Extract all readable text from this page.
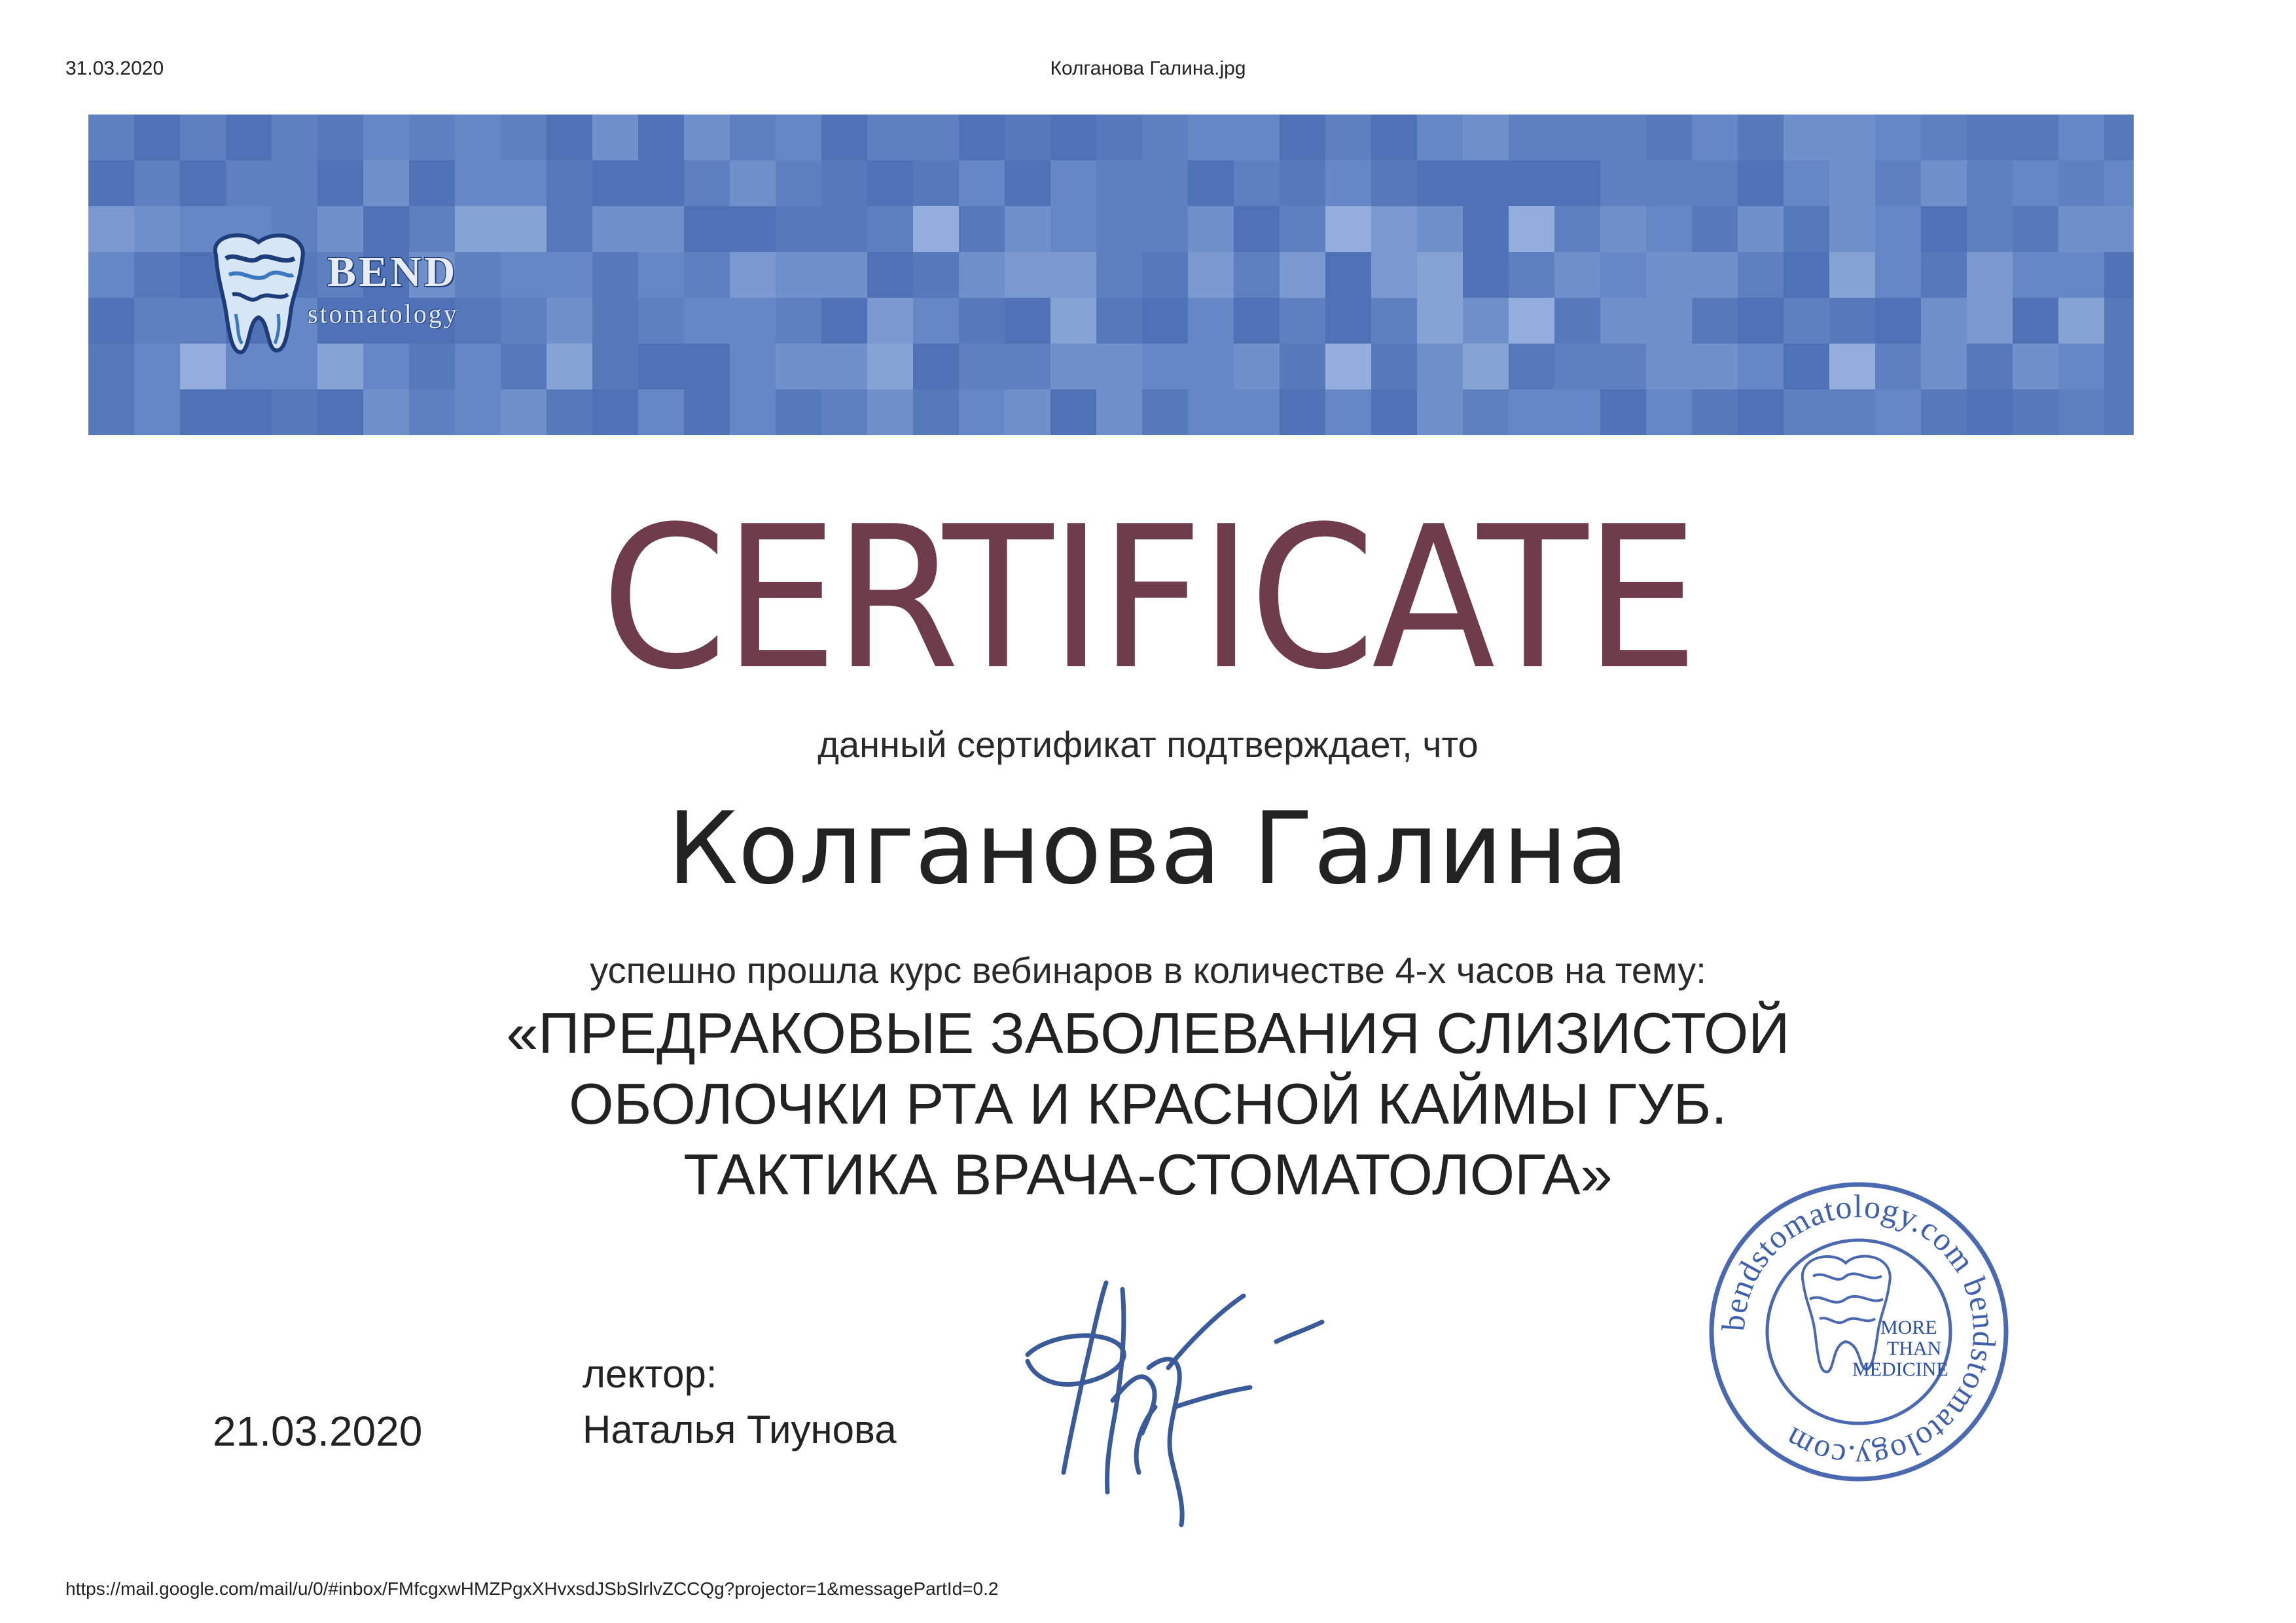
31.03.2020	Колганова Галина.jpg
BEND
stomatology
CERTIFICATE
данный сертификат подтверждает, что
Колганова Галина
успешно прошла курс вебинаров в количестве 4-х часов на тему:
«ПРЕДРАКОВЫЕ ЗАБОЛЕВАНИЯ СЛИЗИСТОЙ
ОБОЛОЧКИ РТА И КРАСНОЙ КАЙМЫ ГУБ.
ТАКТИКА ВРАЧА-СТОМАТОЛОГА»
21.03.2020
лектор:
Наталья Тиунова
bendstomatology.com bendstomatology.com
MORE
THAN
MEDICINE
https://mail.google.com/mail/u/0/#inbox/FMfcgxwHMZPgxXHvxsdJSbSlrlvZCCQg?projector=1&messagePartId=0.2
